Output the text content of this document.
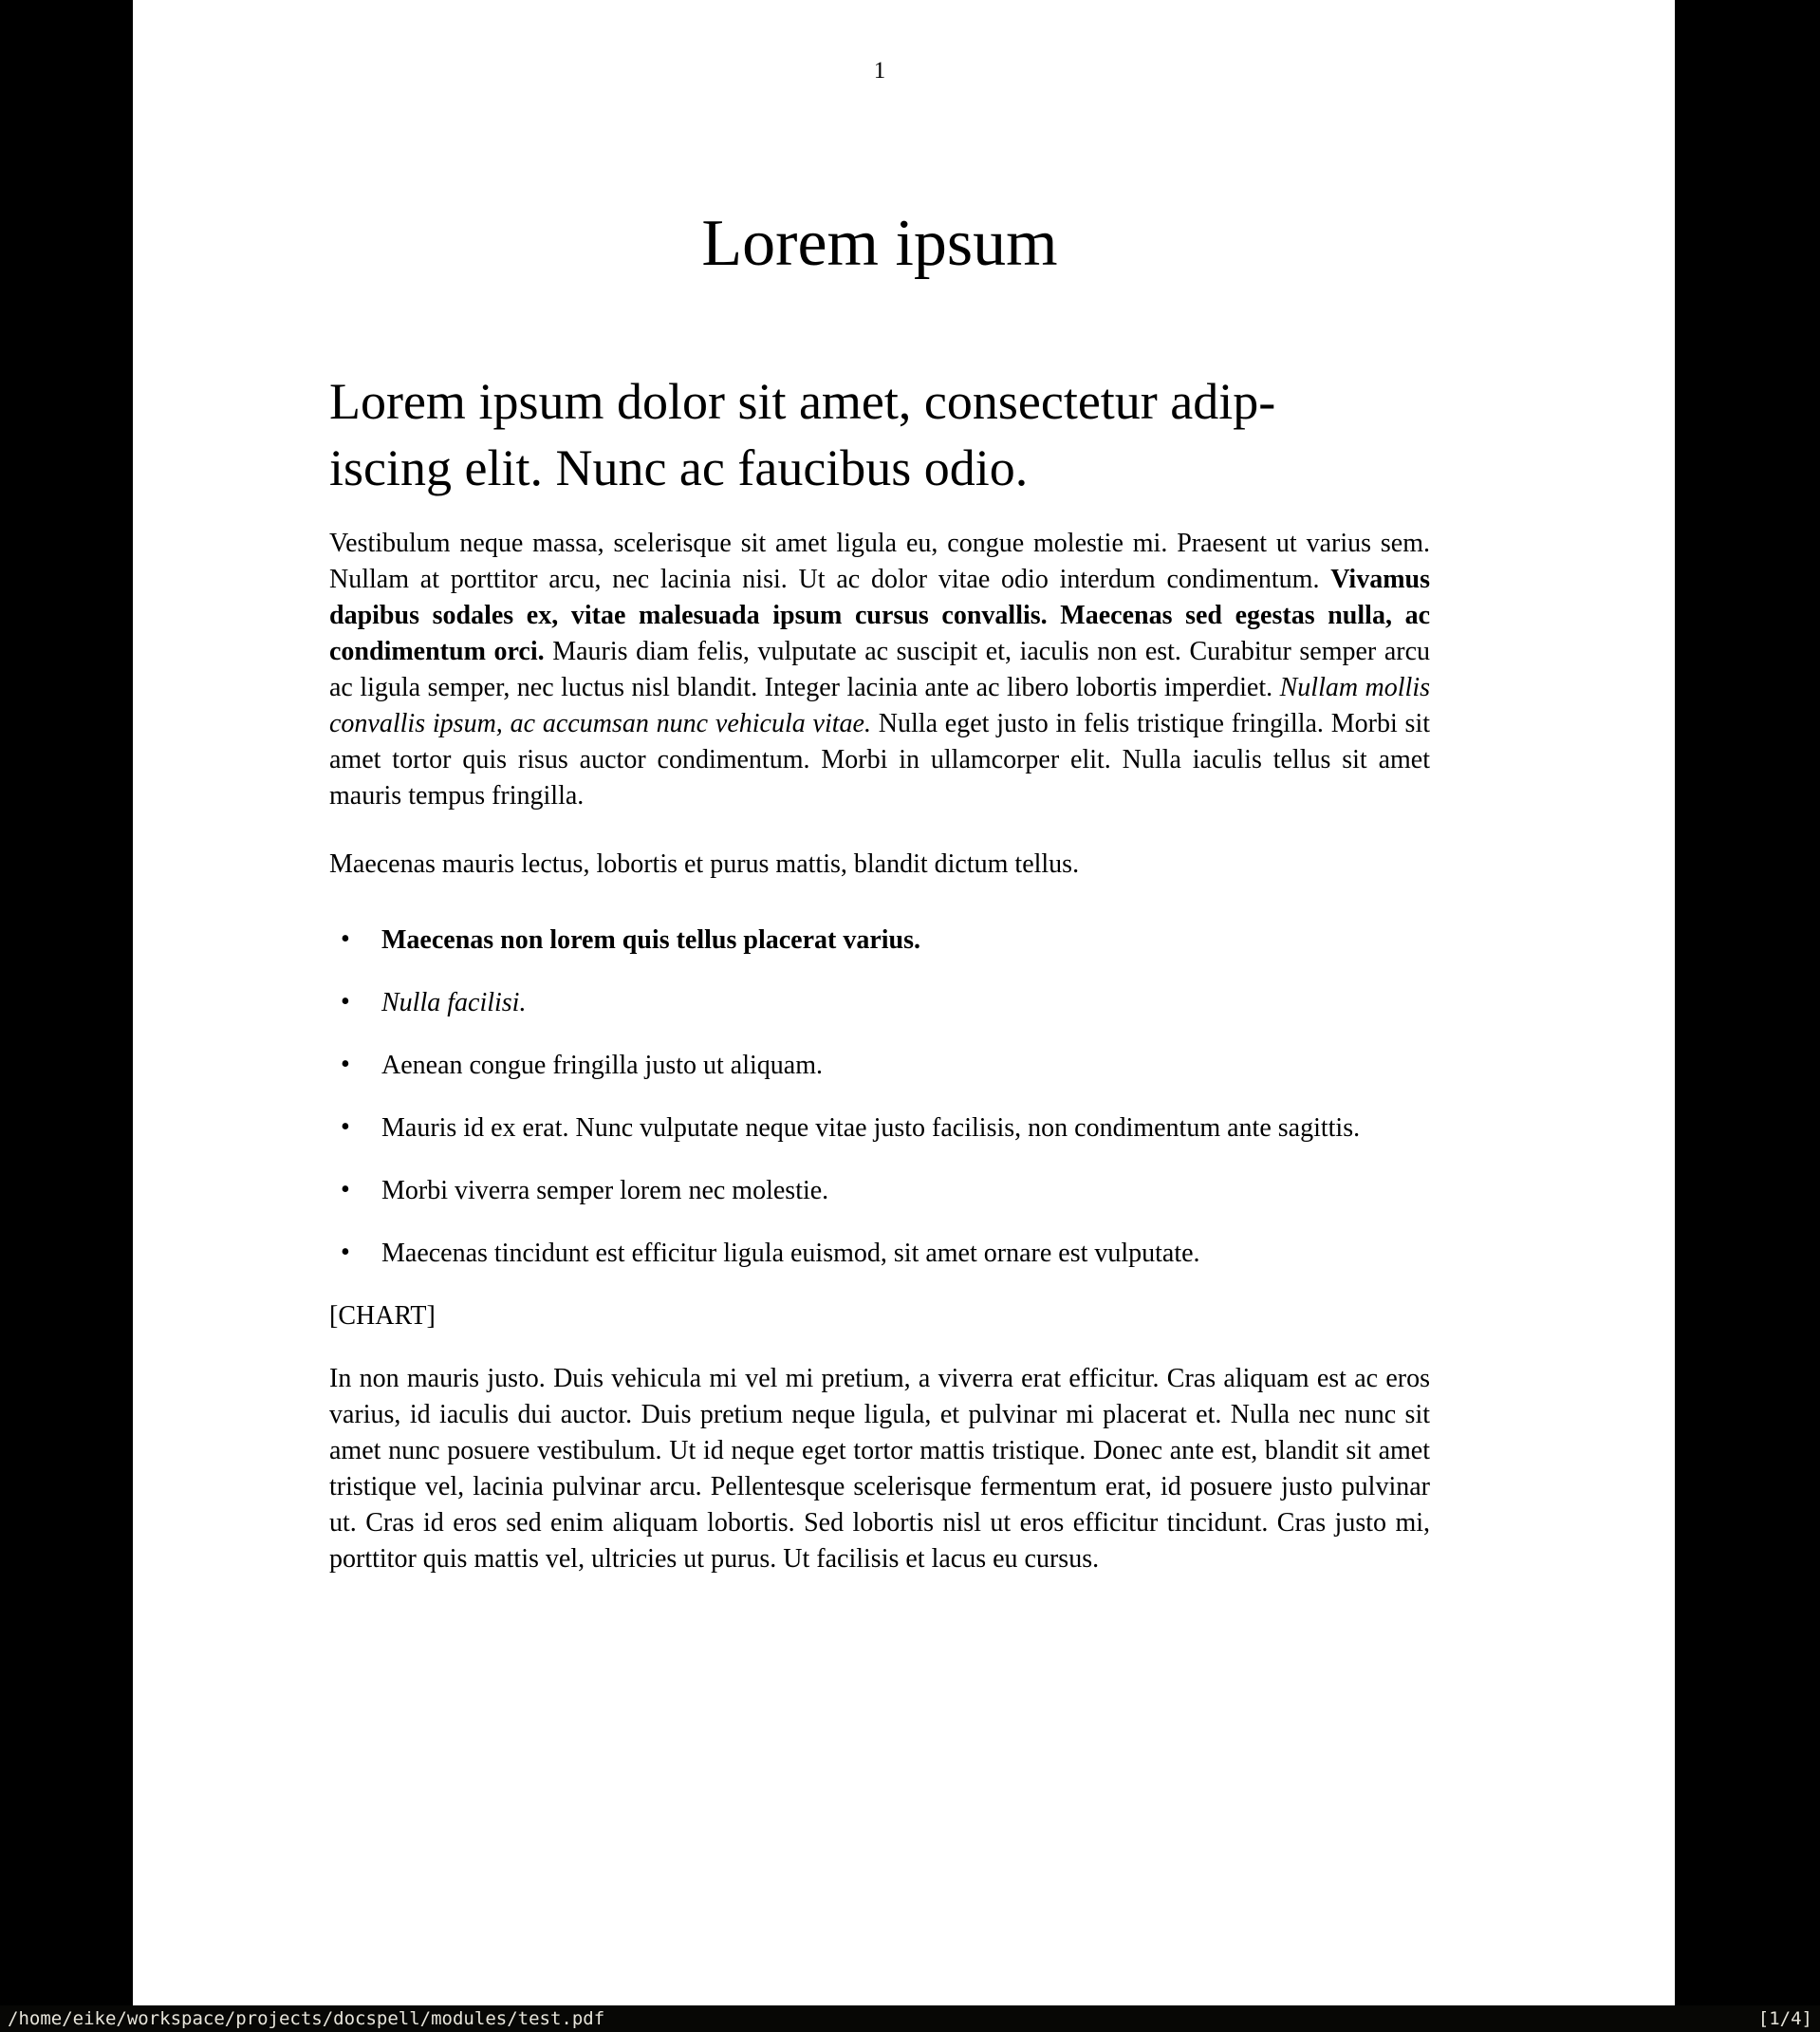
1
Lorem ipsum
Lorem ipsum dolor sit amet, consectetur adip-
iscing elit. Nunc ac faucibus odio.

Vestibulum neque massa, scelerisque sit amet ligula eu, congue molestie mi. Praesent ut varius sem. Nullam at porttitor arcu, nec lacinia nisi. Ut ac dolor vitae odio interdum condimentum. Vivamus dapibus sodales ex, vitae malesuada ipsum cursus convallis. Maecenas sed egestas nulla, ac condimentum orci. Mauris diam felis, vulputate ac suscipit et, iaculis non est. Curabitur semper arcu ac ligula semper, nec luctus nisl blandit. Integer lacinia ante ac libero lobortis imperdiet. Nullam mollis convallis ipsum, ac accumsan nunc vehicula vitae. Nulla eget justo in felis tristique fringilla. Morbi sit amet tortor quis risus auctor condimentum. Morbi in ullamcorper elit. Nulla iaculis tellus sit amet mauris tempus fringilla.

Maecenas mauris lectus, lobortis et purus mattis, blandit dictum tellus.

• Maecenas non lorem quis tellus placerat varius.
• Nulla facilisi.
• Aenean congue fringilla justo ut aliquam.
• Mauris id ex erat. Nunc vulputate neque vitae justo facilisis, non condimentum ante sagittis.
• Morbi viverra semper lorem nec molestie.
• Maecenas tincidunt est efficitur ligula euismod, sit amet ornare est vulputate.

[CHART]

In non mauris justo. Duis vehicula mi vel mi pretium, a viverra erat efficitur. Cras aliquam est ac eros varius, id iaculis dui auctor. Duis pretium neque ligula, et pulvinar mi placerat et. Nulla nec nunc sit amet nunc posuere vestibulum. Ut id neque eget tortor mattis tristique. Donec ante est, blandit sit amet tristique vel, lacinia pulvinar arcu. Pellentesque scelerisque fermentum erat, id posuere justo pulvinar ut. Cras id eros sed enim aliquam lobortis. Sed lobortis nisl ut eros efficitur tincidunt. Cras justo mi, porttitor quis mattis vel, ultricies ut purus. Ut facilisis et lacus eu cursus.

/home/eike/workspace/projects/docspell/modules/test.pdf	[1/4]
